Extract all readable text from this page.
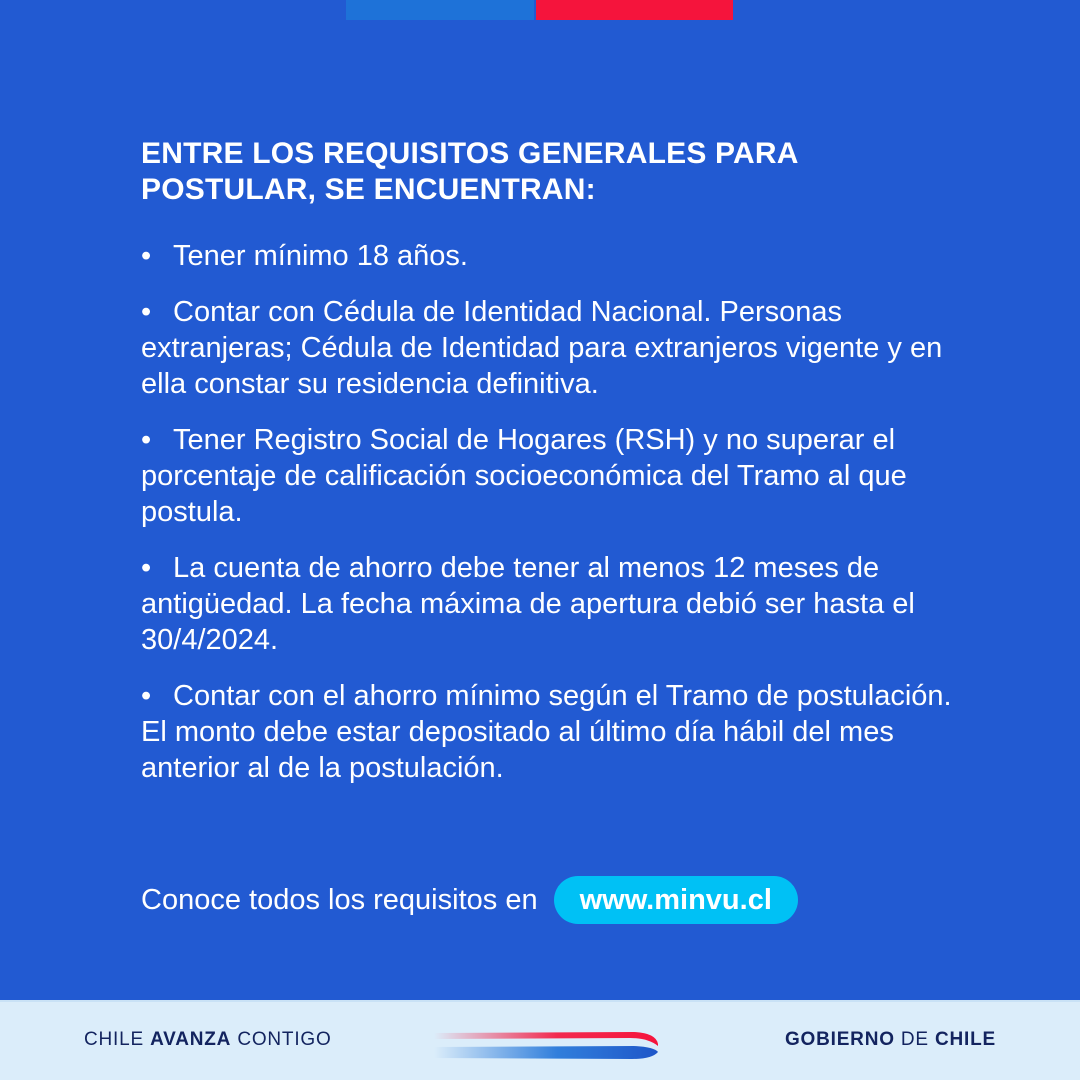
ENTRE LOS REQUISITOS GENERALES PARA POSTULAR, SE ENCUENTRAN:
• Tener mínimo 18 años.
• Contar con Cédula de Identidad Nacional. Personas extranjeras; Cédula de Identidad para extranjeros vigente y en ella constar su residencia definitiva.
• Tener Registro Social de Hogares (RSH) y no superar el porcentaje de calificación socioeconómica del Tramo al que postula.
• La cuenta de ahorro debe tener al menos 12 meses de antigüedad. La fecha máxima de apertura debió ser hasta el 30/4/2024.
• Contar con el ahorro mínimo según el Tramo de postulación. El monto debe estar depositado al último día hábil del mes anterior al de la postulación.
Conoce todos los requisitos en	www.minvu.cl
CHILE AVANZA CONTIGO	GOBIERNO DE CHILE
